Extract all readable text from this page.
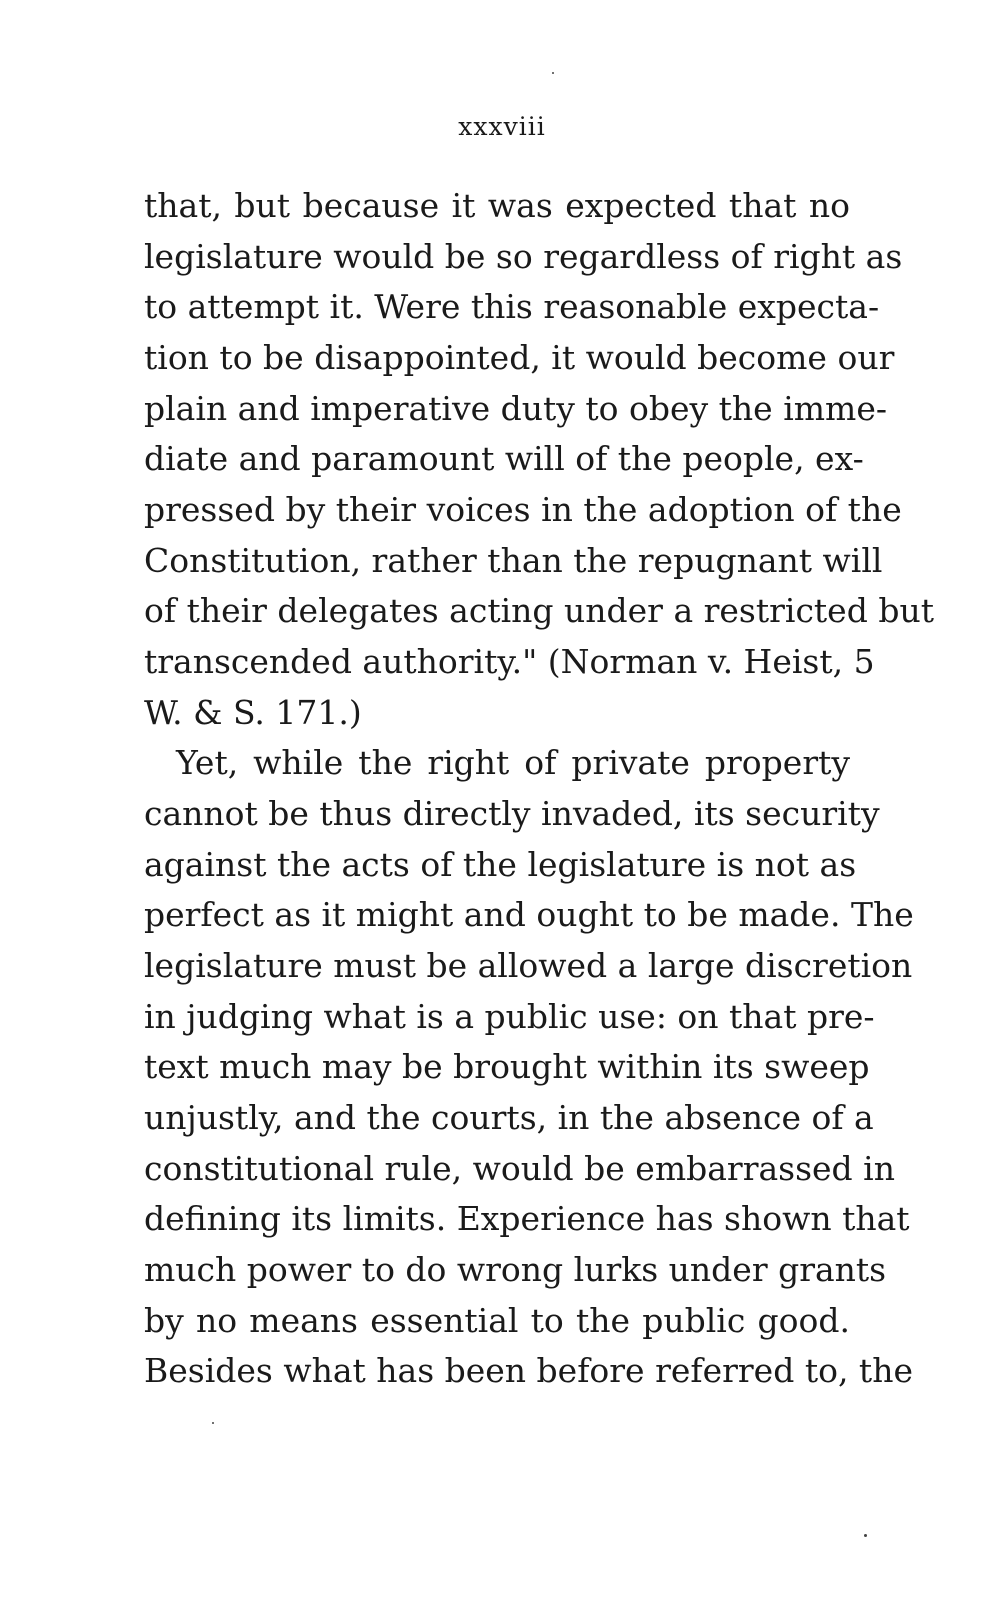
xxxviii
that, but because it was expected that no
legislature would be so regardless of right as
to attempt it. Were this reasonable expecta-
tion to be disappointed, it would become our
plain and imperative duty to obey the imme-
diate and paramount will of the people, ex-
pressed by their voices in the adoption of the
Constitution, rather than the repugnant will
of their delegates acting under a restricted but
transcended authority." (Norman v. Heist, 5
W. & S. 171.)
Yet, while the right of private property
cannot be thus directly invaded, its security
against the acts of the legislature is not as
perfect as it might and ought to be made. The
legislature must be allowed a large discretion
in judging what is a public use: on that pre-
text much may be brought within its sweep
unjustly, and the courts, in the absence of a
constitutional rule, would be embarrassed in
defining its limits. Experience has shown that
much power to do wrong lurks under grants
by no means essential to the public good.
Besides what has been before referred to, the
